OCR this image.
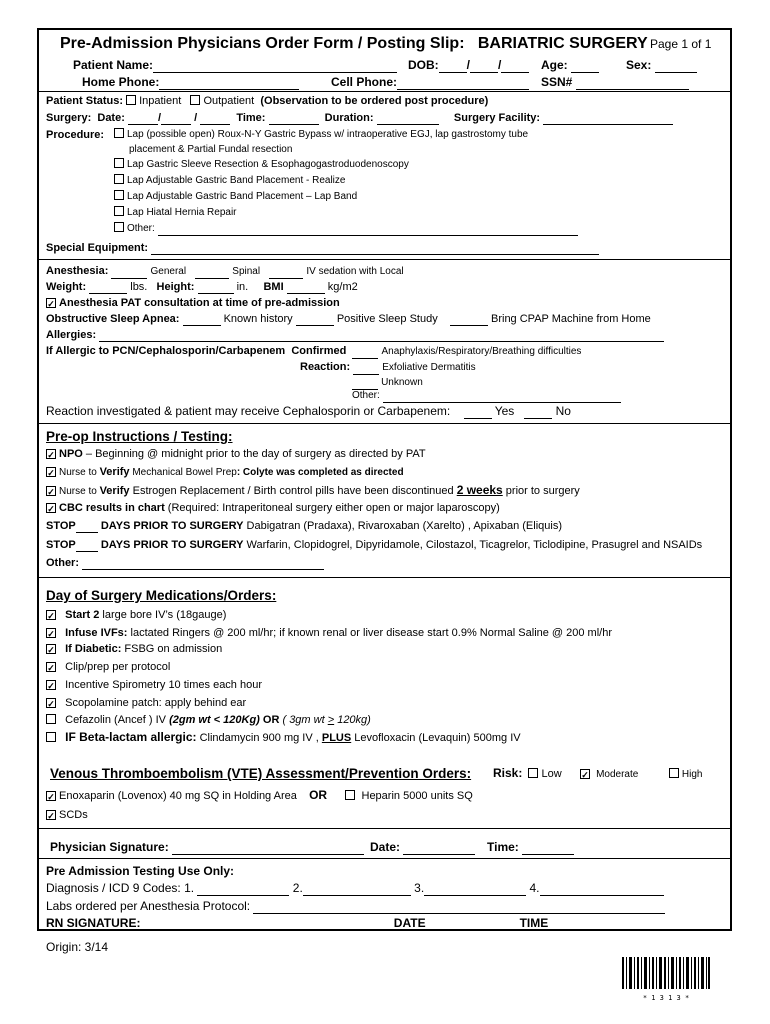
Pre-Admission Physicians Order Form / Posting Slip: BARIATRIC SURGERY Page 1 of 1
Patient Name:	DOB: / /	Age:	Sex:
Home Phone:	Cell Phone:	SSN#
Patient Status: Inpatient Outpatient (Observation to be ordered post procedure)
Surgery: Date:	/	/	Time:	Duration:	Surgery Facility:
Procedure:	Lap (possible open) Roux-N-Y Gastric Bypass w/ intraoperative EGJ, lap gastrostomy tube
placement & Partial Fundal resection
Lap Gastric Sleeve Resection & Esophagogastroduodenoscopy
Lap Adjustable Gastric Band Placement - Realize
Lap Adjustable Gastric Band Placement – Lap Band
Lap Hiatal Hernia Repair
Other:
Special Equipment:
Anesthesia:	General	Spinal	IV sedation with Local
Weight:	lbs. Height:	in. BMI	kg/m2
✓Anesthesia PAT consultation at time of pre-admission
Obstructive Sleep Apnea:	Known history	Positive Sleep Study	Bring CPAP Machine from Home
Allergies:
If Allergic to PCN/Cephalosporin/Carbapenem Confirmed	Anaphylaxis/Respiratory/Breathing difficulties
Reaction:	Exfoliative Dermatitis
Unknown
Other:
Reaction investigated & patient may receive Cephalosporin or Carbapenem:	Yes	No
Pre-op Instructions / Testing:
✓NPO – Beginning @ midnight prior to the day of surgery as directed by PAT
✓Nurse to Verify Mechanical Bowel Prep: Colyte was completed as directed
✓Nurse to Verify Estrogen Replacement / Birth control pills have been discontinued 2 weeks prior to surgery
✓CBC results in chart (Required: Intraperitoneal surgery either open or major laparoscopy)
STOP DAYS PRIOR TO SURGERY Dabigatran (Pradaxa), Rivaroxaban (Xarelto) , Apixaban (Eliquis)
STOP DAYS PRIOR TO SURGERY Warfarin, Clopidogrel, Dipyridamole, Cilostazol, Ticagrelor, Ticlodipine, Prasugrel and NSAIDs
Other:
Day of Surgery Medications/Orders:
✓  Start 2 large bore IV’s (18gauge)
✓  Infuse IVFs: lactated Ringers @ 200 ml/hr; if known renal or liver disease start 0.9% Normal Saline @ 200 ml/hr
✓  If Diabetic: FSBG on admission
✓  Clip/prep per protocol
✓  Incentive Spirometry 10 times each hour
✓  Scopolamine patch: apply behind ear
Cefazolin (Ancef ) IV (2gm wt < 120Kg) OR ( 3gm wt > 120kg)
IF Beta-lactam allergic: Clindamycin 900 mg IV , PLUS Levofloxacin (Levaquin) 500mg IV
Venous Thromboembolism (VTE) Assessment/Prevention Orders: Risk: Low ✓	Moderate	High
✓Enoxaparin (Lovenox) 40 mg SQ in Holding Area OR	Heparin 5000 units SQ
✓SCDs
Physician Signature:	Date:	Time:
Pre Admission Testing Use Only:
Diagnosis / ICD 9 Codes: 1.	2.	3.	4.
Labs ordered per Anesthesia Protocol:
RN SIGNATURE:	DATE	TIME
Origin: 3/14
* 1 3 1 3 *
